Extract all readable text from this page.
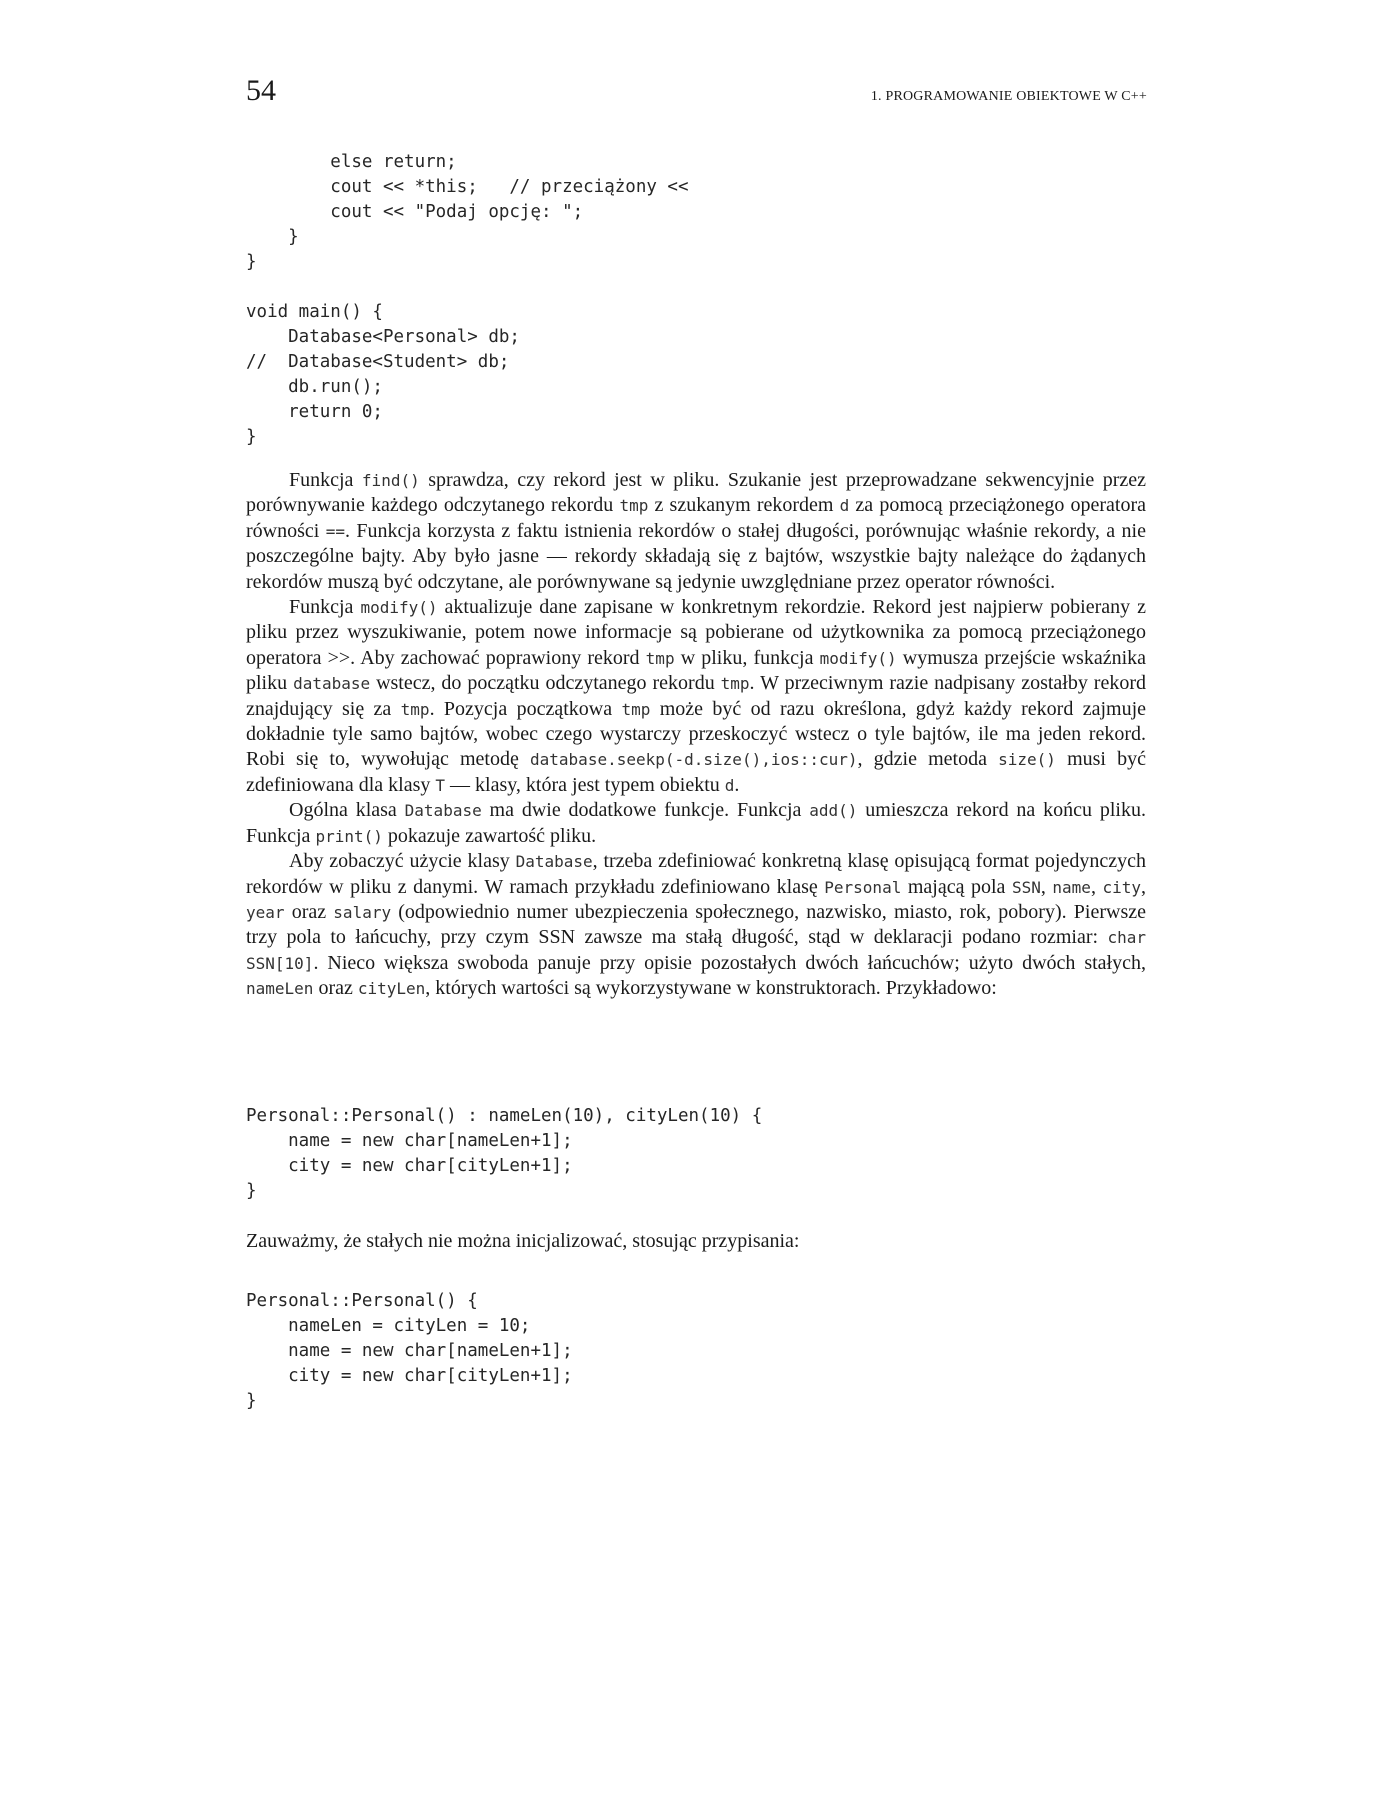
54	1. PROGRAMOWANIE OBIEKTOWE W C++
else return;
cout << *this;   // przeciążony <<
cout << "Podaj opcję: ";
}
}

void main() {
Database<Personal> db;
//  Database<Student> db;
db.run();
return 0;
}

Funkcja find() sprawdza, czy rekord jest w pliku. Szukanie jest przeprowadzane sekwencyjnie przez porównywanie każdego odczytanego rekordu tmp z szukanym rekordem d za pomocą przeciążonego operatora równości ==. Funkcja korzysta z faktu istnienia rekordów o stałej długości, porównując właśnie rekordy, a nie poszczególne bajty. Aby było jasne — rekordy składają się z bajtów, wszystkie bajty należące do żądanych rekordów muszą być odczytane, ale porównywane są jedynie uwzględniane przez operator równości.

Funkcja modify() aktualizuje dane zapisane w konkretnym rekordzie. Rekord jest najpierw pobierany z pliku przez wyszukiwanie, potem nowe informacje są pobierane od użytkownika za pomocą przeciążonego operatora >>. Aby zachować poprawiony rekord tmp w pliku, funkcja modify() wymusza przejście wskaźnika pliku database wstecz, do początku odczytanego rekordu tmp. W przeciwnym razie nadpisany zostałby rekord znajdujący się za tmp. Pozycja początkowa tmp może być od razu określona, gdyż każdy rekord zajmuje dokładnie tyle samo bajtów, wobec czego wystarczy przeskoczyć wstecz o tyle bajtów, ile ma jeden rekord. Robi się to, wywołując metodę database.seekp(-d.size(),ios::cur), gdzie metoda size() musi być zdefiniowana dla klasy T — klasy, która jest typem obiektu d.

Ogólna klasa Database ma dwie dodatkowe funkcje. Funkcja add() umieszcza rekord na końcu pliku. Funkcja print() pokazuje zawartość pliku.

Aby zobaczyć użycie klasy Database, trzeba zdefiniować konkretną klasę opisującą format pojedynczych rekordów w pliku z danymi. W ramach przykładu zdefiniowano klasę Personal mającą pola SSN, name, city, year oraz salary (odpowiednio numer ubezpieczenia społecznego, nazwisko, miasto, rok, pobory). Pierwsze trzy pola to łańcuchy, przy czym SSN zawsze ma stałą długość, stąd w deklaracji podano rozmiar: char SSN[10]. Nieco większa swoboda panuje przy opisie pozostałych dwóch łańcuchów; użyto dwóch stałych, nameLen oraz cityLen, których wartości są wykorzystywane w konstruktorach. Przykładowo:

Personal::Personal() : nameLen(10), cityLen(10) {
name = new char[nameLen+1];
city = new char[cityLen+1];
}

Zauważmy, że stałych nie można inicjalizować, stosując przypisania:

Personal::Personal() {
nameLen = cityLen = 10;
name = new char[nameLen+1];
city = new char[cityLen+1];
}
